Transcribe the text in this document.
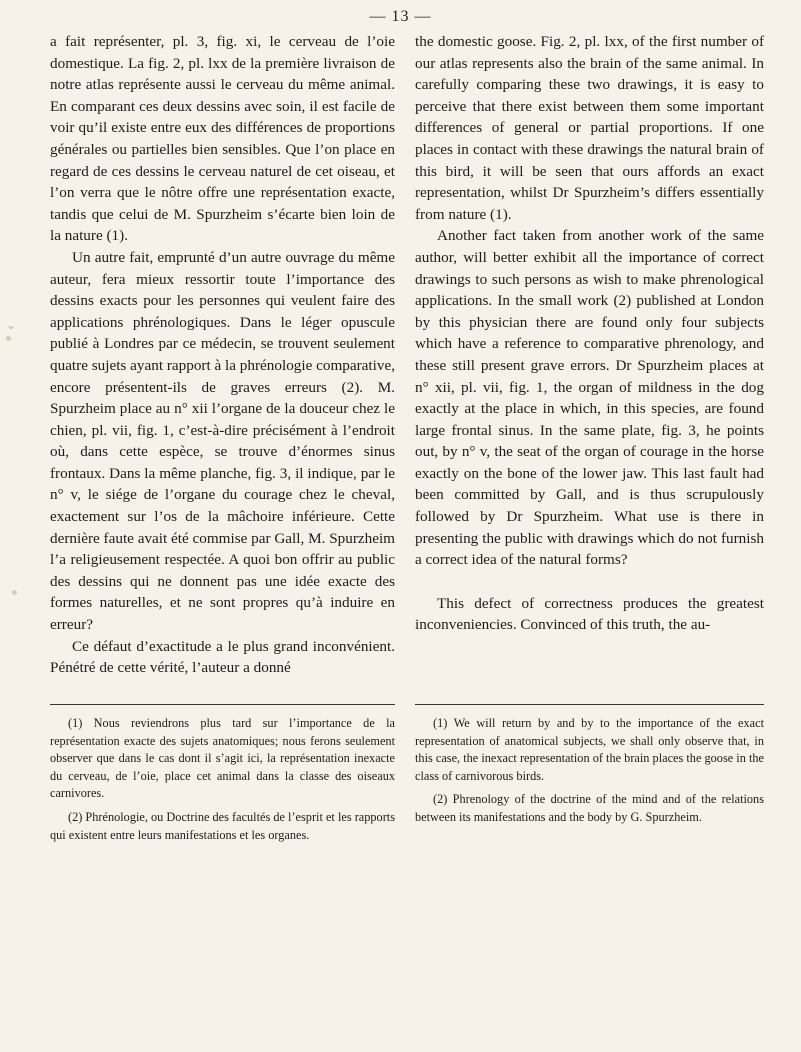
— 13 —

a fait représenter, pl. 3, fig. xi, le cerveau de l’oie domestique. La fig. 2, pl. lxx de la première livraison de notre atlas représente aussi le cerveau du même animal. En comparant ces deux dessins avec soin, il est facile de voir qu’il existe entre eux des différences de proportions générales ou partielles bien sensibles. Que l’on place en regard de ces dessins le cerveau naturel de cet oiseau, et l’on verra que le nôtre offre une représentation exacte, tandis que celui de M. Spurzheim s’écarte bien loin de la nature (1).

Un autre fait, emprunté d’un autre ouvrage du même auteur, fera mieux ressortir toute l’importance des dessins exacts pour les personnes qui veulent faire des applications phrénologiques. Dans le léger opuscule publié à Londres par ce médecin, se trouvent seulement quatre sujets ayant rapport à la phrénologie comparative, encore présentent-ils de graves erreurs (2). M. Spurzheim place au n° xii l’organe de la douceur chez le chien, pl. vii, fig. 1, c’est-à-dire précisément à l’endroit où, dans cette espèce, se trouve d’énormes sinus frontaux. Dans la même planche, fig. 3, il indique, par le n° v, le siége de l’organe du courage chez le cheval, exactement sur l’os de la mâchoire inférieure. Cette dernière faute avait été commise par Gall, M. Spurzheim l’a religieusement respectée. A quoi bon offrir au public des dessins qui ne donnent pas une idée exacte des formes naturelles, et ne sont propres qu’à induire en erreur?

Ce défaut d’exactitude a le plus grand inconvénient. Pénétré de cette vérité, l’auteur a donné

the domestic goose. Fig. 2, pl. lxx, of the first number of our atlas represents also the brain of the same animal. In carefully comparing these two drawings, it is easy to perceive that there exist between them some important differences of general or partial proportions. If one places in contact with these drawings the natural brain of this bird, it will be seen that ours affords an exact representation, whilst Dr Spurzheim’s differs essentially from nature (1).

Another fact taken from another work of the same author, will better exhibit all the importance of correct drawings to such persons as wish to make phrenological applications. In the small work (2) published at London by this physician there are found only four subjects which have a reference to comparative phrenology, and these still present grave errors. Dr Spurzheim places at n° xii, pl. vii, fig. 1, the organ of mildness in the dog exactly at the place in which, in this species, are found large frontal sinus. In the same plate, fig. 3, he points out, by n° v, the seat of the organ of courage in the horse exactly on the bone of the lower jaw. This last fault had been committed by Gall, and is thus scrupulously followed by Dr Spurzheim. What use is there in presenting the public with drawings which do not furnish a correct idea of the natural forms?

This defect of correctness produces the greatest inconveniencies. Convinced of this truth, the au-

(1) Nous reviendrons plus tard sur l’importance de la représentation exacte des sujets anatomiques; nous ferons seulement observer que dans le cas dont il s’agit ici, la représentation inexacte du cerveau, de l’oie, place cet animal dans la classe des oiseaux carnivores.

(2) Phrénologie, ou Doctrine des facultés de l’esprit et les rapports qui existent entre leurs manifestations et les organes.

(1) We will return by and by to the importance of the exact representation of anatomical subjects, we shall only observe that, in this case, the inexact representation of the brain places the goose in the class of carnivorous birds.

(2) Phrenology of the doctrine of the mind and of the relations between its manifestations and the body by G. Spurzheim.

⌄
